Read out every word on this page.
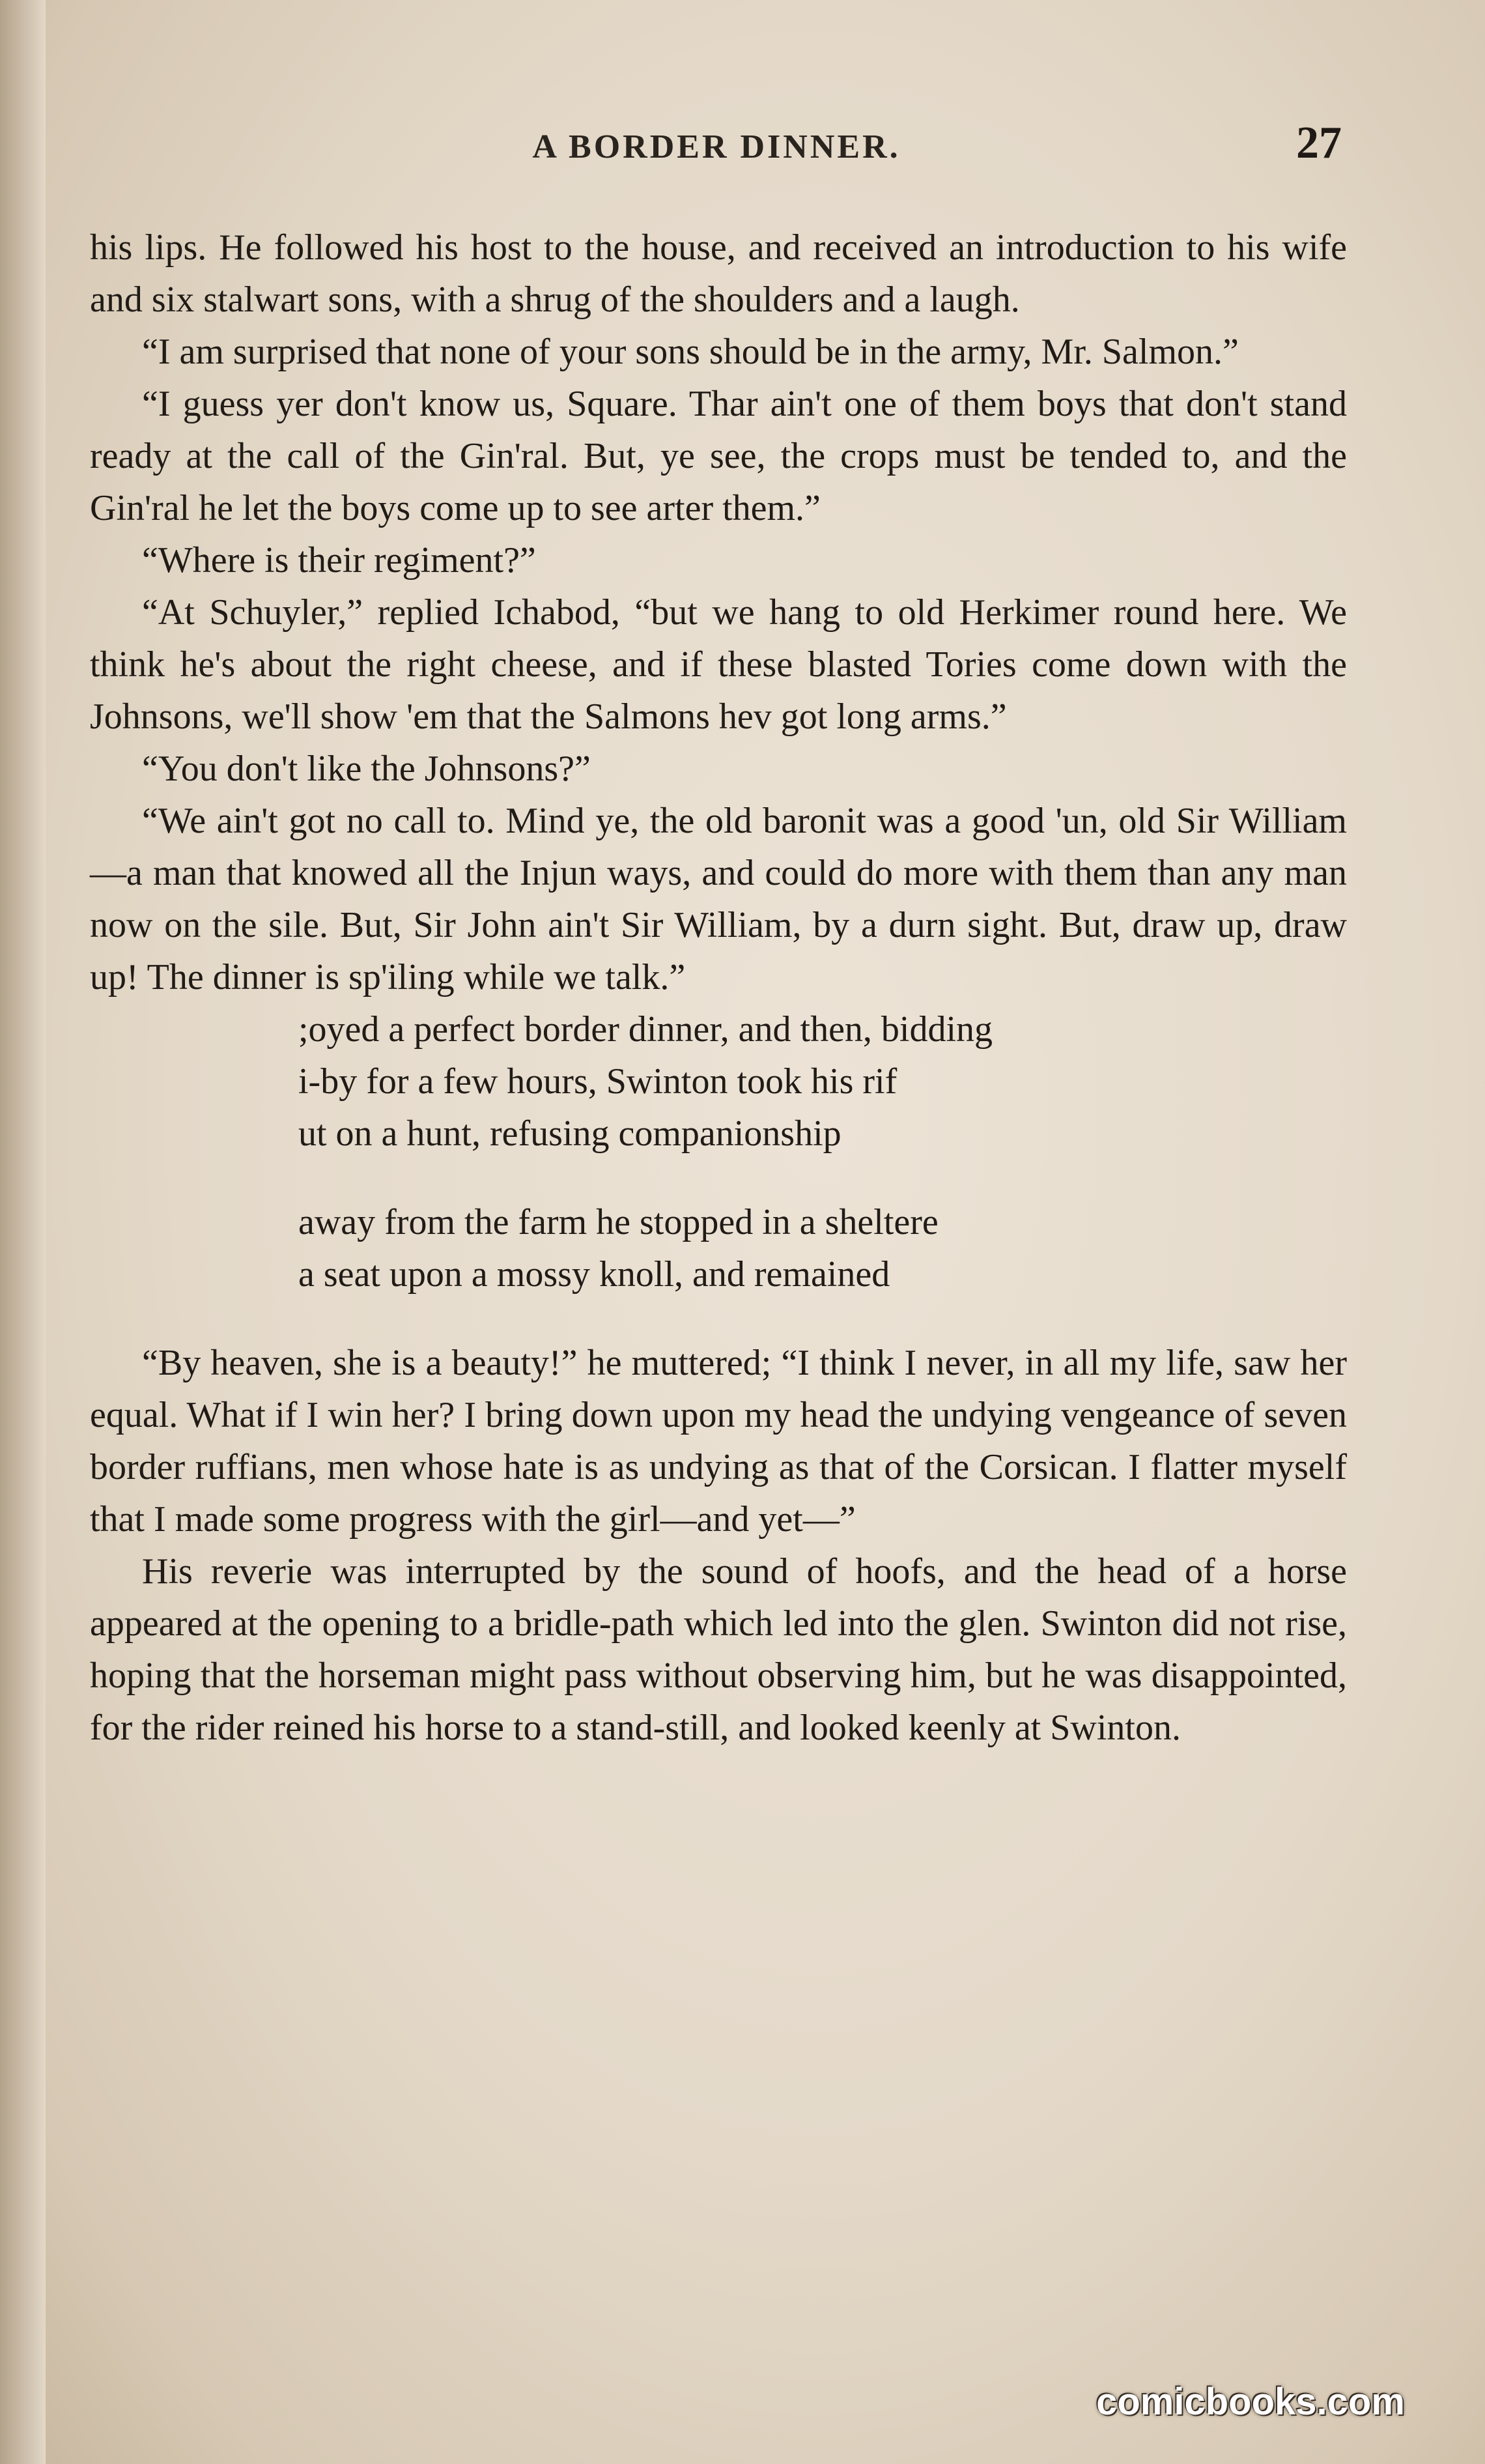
A BORDER DINNER.	27

his lips. He followed his host to the house, and received an introduction to his wife and six stalwart sons, with a shrug of the shoulders and a laugh.

“I am surprised that none of your sons should be in the army, Mr. Salmon.”

“I guess yer don't know us, Square. Thar ain't one of them boys that don't stand ready at the call of the Gin'ral. But, ye see, the crops must be tended to, and the Gin'ral he let the boys come up to see arter them.”

“Where is their regiment?”

“At Schuyler,” replied Ichabod, “but we hang to old Herkimer round here. We think he's about the right cheese, and if these blasted Tories come down with the Johnsons, we'll show 'em that the Salmons hev got long arms.”

“You don't like the Johnsons?”

“We ain't got no call to. Mind ye, the old baronit was a good 'un, old Sir William—a man that knowed all the Injun ways, and could do more with them than any man now on the sile. But, Sir John ain't Sir William, by a durn sight. But, draw up, draw up! The dinner is sp'iling while we talk.”

;oyed a perfect border dinner, and then, bidding

i-by for a few hours, Swinton took his rif

ut on a hunt, refusing companionship

away from the farm he stopped in a sheltere

a seat upon a mossy knoll, and remained

“By heaven, she is a beauty!” he muttered; “I think I never, in all my life, saw her equal. What if I win her? I bring down upon my head the undying vengeance of seven border ruffians, men whose hate is as undying as that of the Corsican. I flatter myself that I made some progress with the girl—and yet—”

His reverie was interrupted by the sound of hoofs, and the head of a horse appeared at the opening to a bridle-path which led into the glen. Swinton did not rise, hoping that the horseman might pass without observing him, but he was disappointed, for the rider reined his horse to a stand-still, and looked keenly at Swinton.

comicbooks.com
